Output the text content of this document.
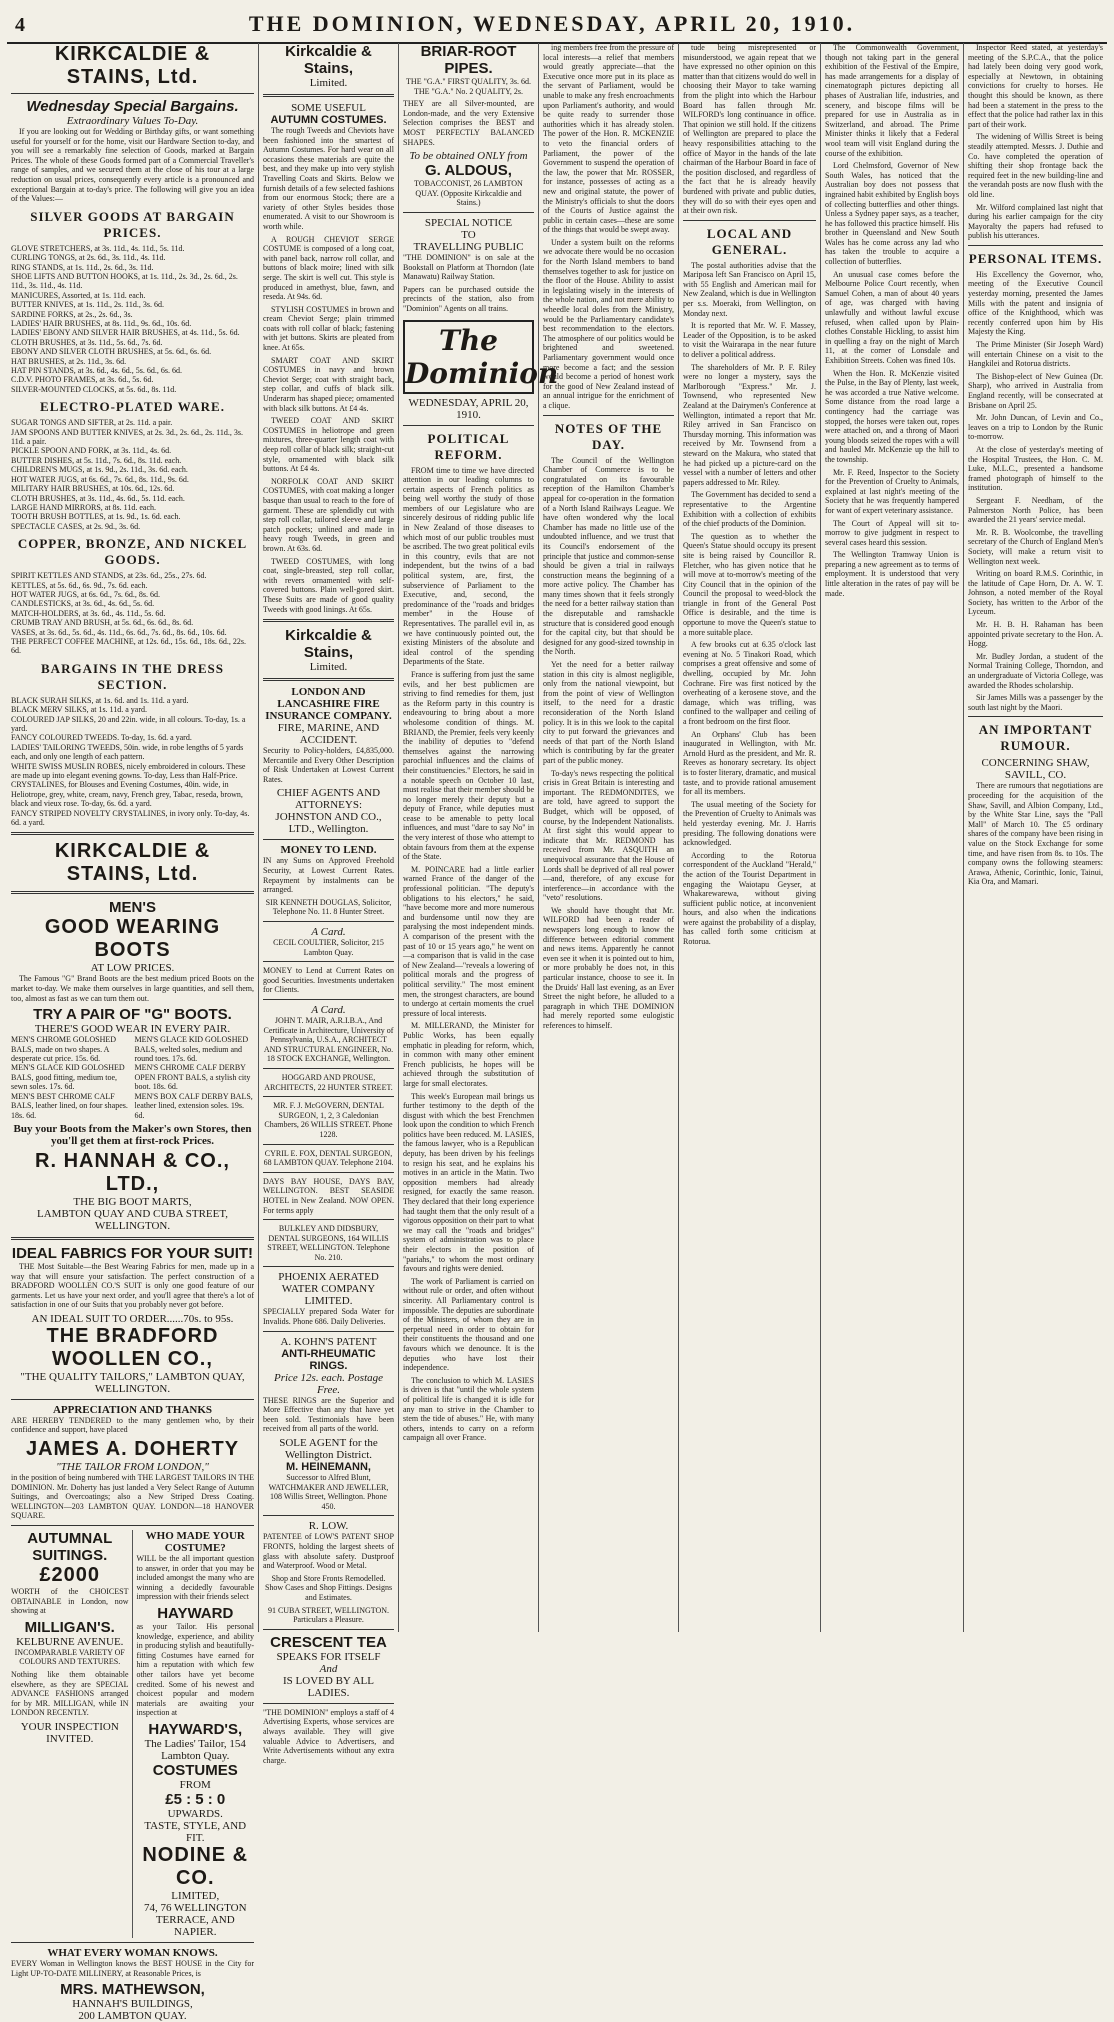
4	THE DOMINION, WEDNESDAY, APRIL 20, 1910.
KIRKCALDIE & STAINS, Ltd.
Wednesday Special Bargains.
Extraordinary Values To-Day.

If you are looking out for Wedding or Birthday gifts, or want something useful for yourself or for the home, visit our Hardware Section to-day, and you will see a remarkably fine selection of Goods, marked at Bargain Prices. The whole of these Goods formed part of a Commercial Traveller's range of samples, and we secured them at the close of his tour at a large reduction on usual prices, consequently every article is a pronounced and exceptional Bargain at to-day's price. The following will give you an idea of the Values:—

SILVER GOODS AT BARGAIN PRICES.
GLOVE STRETCHERS, at 3s. 11d., 4s. 11d., 5s. 11d.
CURLING TONGS, at 2s. 6d., 3s. 11d., 4s. 11d.
RING STANDS, at 1s. 11d., 2s. 6d., 3s. 11d.
SHOE LIFTS AND BUTTON HOOKS, at 1s. 11d., 2s. 3d., 2s. 6d., 2s. 11d., 3s. 11d., 4s. 11d.
MANICURES, Assorted, at 1s. 11d. each.
BUTTER KNIVES, at 1s. 11d., 2s. 11d., 3s. 6d.
SARDINE FORKS, at 2s., 2s. 6d., 3s.
LADIES' HAIR BRUSHES, at 8s. 11d., 9s. 6d., 10s. 6d.
LADIES' EBONY AND SILVER HAIR BRUSHES, at 4s. 11d., 5s. 6d.
CLOTH BRUSHES, at 3s. 11d., 5s. 6d., 7s. 6d.
EBONY AND SILVER CLOTH BRUSHES, at 5s. 6d., 6s. 6d.
HAT BRUSHES, at 2s. 11d., 3s. 6d.
HAT PIN STANDS, at 3s. 6d., 4s. 6d., 5s. 6d., 6s. 6d.
C.D.V. PHOTO FRAMES, at 3s. 6d., 5s. 6d.
SILVER-MOUNTED CLOCKS, at 5s. 6d., 8s. 11d.
ELECTRO-PLATED WARE.
SUGAR TONGS AND SIFTER, at 2s. 11d. a pair.
JAM SPOONS AND BUTTER KNIVES, at 2s. 3d., 2s. 6d., 2s. 11d., 3s. 11d. a pair.
PICKLE SPOON AND FORK, at 3s. 11d., 4s. 6d.
BUTTER DISHES, at 5s. 11d., 7s. 6d., 8s. 11d. each.
CHILDREN'S MUGS, at 1s. 9d., 2s. 11d., 3s. 6d. each.
HOT WATER JUGS, at 6s. 6d., 7s. 6d., 8s. 11d., 9s. 6d.
MILITARY HAIR BRUSHES, at 10s. 6d., 12s. 6d.
CLOTH BRUSHES, at 3s. 11d., 4s. 6d., 5s. 11d. each.
LARGE HAND MIRRORS, at 8s. 11d. each.
TOOTH BRUSH BOTTLES, at 1s. 9d., 1s. 6d. each.
SPECTACLE CASES, at 2s. 9d., 3s. 6d.
COPPER, BRONZE, AND NICKEL GOODS.
SPIRIT KETTLES AND STANDS, at 23s. 6d., 25s., 27s. 6d.
KETTLES, at 5s. 6d., 6s. 9d., 7s. 6d. each.
HOT WATER JUGS, at 6s. 6d., 7s. 6d., 8s. 6d.
CANDLESTICKS, at 3s. 6d., 4s. 6d., 5s. 6d.
MATCH-HOLDERS, at 3s. 6d., 4s. 11d., 5s. 6d.
CRUMB TRAY AND BRUSH, at 5s. 6d., 6s. 6d., 8s. 6d.
VASES, at 3s. 6d., 5s. 6d., 4s. 11d., 6s. 6d., 7s. 6d., 8s. 6d., 10s. 6d.
THE PERFECT COFFEE MACHINE, at 12s. 6d., 15s. 6d., 18s. 6d., 22s. 6d.
BARGAINS IN THE DRESS SECTION.
BLACK SURAH SILKS, at 1s. 6d. and 1s. 11d. a yard.
BLACK MERV SILKS, at 1s. 11d. a yard.
COLOURED JAP SILKS, 20 and 22in. wide, in all colours. To-day, 1s. a yard.
FANCY COLOURED TWEEDS. To-day, 1s. 6d. a yard.
LADIES' TAILORING TWEEDS, 50in. wide, in robe lengths of 5 yards each, and only one length of each pattern.
WHITE SWISS MUSLIN ROBES, nicely embroidered in colours. These are made up into elegant evening gowns. To-day, Less than Half-Price.
CRYSTALINES, for Blouses and Evening Costumes, 40in. wide, in Heliotrope, grey, white, cream, navy, French grey, Tabac, reseda, brown, black and vieux rose. To-day, 6s. 6d. a yard.
FANCY STRIPED NOVELTY CRYSTALINES, in ivory only. To-day, 4s. 6d. a yard.
KIRKCALDIE & STAINS, Ltd.
MEN'S
GOOD WEARING BOOTS
AT LOW PRICES.

The Famous "G" Brand Boots are the best medium priced Boots on the market to-day. We make them ourselves in large quantities, and sell them, too, almost as fast as we can turn them out.

TRY A PAIR OF "G" BOOTS.
THERE'S GOOD WEAR IN EVERY PAIR.
MEN'S CHROME GOLOSHED BALS, made on two shapes. A desperate cut price. 15s. 6d.
MEN'S GLACE KID GOLOSHED BALS, good fitting, medium toe, sewn soles. 17s. 6d.
MEN'S BEST CHROME CALF BALS, leather lined, on four shapes. 18s. 6d.
MEN'S GLACE KID GOLOSHED BALS, welted soles, medium and round toes. 17s. 6d.
MEN'S CHROME CALF DERBY OPEN FRONT BALS, a stylish city boot. 18s. 6d.
MEN'S BOX CALF DERBY BALS, leather lined, extension soles. 19s. 6d.
Buy your Boots from the Maker's own Stores, then you'll get them at first-rock Prices.
R. HANNAH & CO., LTD.,
THE BIG BOOT MARTS,
LAMBTON QUAY AND CUBA STREET, WELLINGTON.
IDEAL FABRICS FOR YOUR SUIT!

THE Most Suitable—the Best Wearing Fabrics for men, made up in a way that will ensure your satisfaction. The perfect construction of a BRADFORD WOOLLEN CO.'S SUIT is only one good feature of our garments. Let us have your next order, and you'll agree that there's a lot of satisfaction in one of our Suits that you probably never got before.

AN IDEAL SUIT TO ORDER......70s. to 95s.
THE BRADFORD WOOLLEN CO.,
"THE QUALITY TAILORS," LAMBTON QUAY, WELLINGTON.
APPRECIATION AND THANKS

ARE HEREBY TENDERED to the many gentlemen who, by their confidence and support, have placed

JAMES A. DOHERTY
"THE TAILOR FROM LONDON,"

in the position of being numbered with THE LARGEST TAILORS IN THE DOMINION. Mr. Doherty has just landed a Very Select Range of Autumn Suitings, and Overcoatings; also a New Striped Dress Coating. WELLINGTON—203 LAMBTON QUAY. LONDON—18 HANOVER SQUARE.

AUTUMNAL
SUITINGS.
£2000

WORTH of the CHOICEST OBTAINABLE in London, now showing at

MILLIGAN'S.
KELBURNE AVENUE.

INCOMPARABLE VARIETY OF COLOURS AND TEXTURES.

Nothing like them obtainable elsewhere, as they are SPECIAL ADVANCE FASHIONS arranged for by MR. MILLIGAN, while IN LONDON RECENTLY.

YOUR INSPECTION INVITED.
WHO MADE YOUR COSTUME?

WILL be the all important question to answer, in order that you may be included amongst the many who are winning a decidedly favourable impression with their friends select

HAYWARD

as your Tailor. His personal knowledge, experience, and ability in producing stylish and beautifully-fitting Costumes have earned for him a reputation with which few other tailors have yet become credited. Some of his newest and choicest popular and modern materials are awaiting your inspection at

HAYWARD'S,
The Ladies' Tailor, 154 Lambton Quay.
COSTUMES
FROM
£5 : 5 : 0
UPWARDS.
TASTE, STYLE, AND FIT.
NODINE & CO.
LIMITED,
74, 76 WELLINGTON TERRACE, AND NAPIER.
WHAT EVERY WOMAN KNOWS.

EVERY Woman in Wellington knows the BEST HOUSE in the City for Light UP-TO-DATE MILLINERY, at Reasonable Prices, is

MRS. MATHEWSON,
HANNAH'S BUILDINGS,
200 LAMBTON QUAY.
Kirkcaldie & Stains,
Limited.
SOME USEFUL
AUTUMN COSTUMES.

The rough Tweeds and Cheviots have been fashioned into the smartest of Autumn Costumes. For hard wear on all occasions these materials are quite the best, and they make up into very stylish Travelling Coats and Skirts. Below we furnish details of a few selected fashions from our enormous Stock; there are a variety of other Styles besides those enumerated. A visit to our Showroom is worth while.

A ROUGH CHEVIOT SERGE COSTUME is composed of a long coat, with panel back, narrow roll collar, and buttons of black moire; lined with silk serge. The skirt is well cut. This style is produced in amethyst, blue, fawn, and reseda. At 94s. 6d.

STYLISH COSTUMES in brown and cream Cheviot Serge; plain trimmed coats with roll collar of black; fastening with jet buttons. Skirts are pleated from knee. At 65s.

SMART COAT AND SKIRT COSTUMES in navy and brown Cheviot Serge; coat with straight back, step collar, and cuffs of black silk. Underarm has shaped piece; ornamented with black silk buttons. At £4 4s.

TWEED COAT AND SKIRT COSTUMES in heliotrope and green mixtures, three-quarter length coat with deep roll collar of black silk; straight-cut style, ornamented with black silk buttons. At £4 4s.

NORFOLK COAT AND SKIRT COSTUMES, with coat making a longer basque than usual to reach to the fore of garment. These are splendidly cut with step roll collar, tailored sleeve and large patch pockets; unlined and made in heavy rough Tweeds, in green and brown. At 63s. 6d.

TWEED COSTUMES, with long coat, single-breasted, step roll collar, with revers ornamented with self-covered buttons. Plain well-gored skirt. These Suits are made of good quality Tweeds with good linings. At 65s.

Kirkcaldie & Stains,
Limited.
LONDON AND LANCASHIRE FIRE INSURANCE COMPANY.
FIRE, MARINE, AND ACCIDENT.

Security to Policy-holders, £4,835,000. Mercantile and Every Other Description of Risk Undertaken at Lowest Current Rates.

CHIEF AGENTS AND ATTORNEYS:
JOHNSTON AND CO., LTD., Wellington.
MONEY TO LEND.

IN any Sums on Approved Freehold Security, at Lowest Current Rates. Repayment by instalments can be arranged.

SIR KENNETH DOUGLAS, Solicitor, Telephone No. 11. 8 Hunter Street.

A Card.

CECIL COULTIER, Solicitor, 215 Lambton Quay.

MONEY to Lend at Current Rates on good Securities. Investments undertaken for Clients.

A Card.

JOHN T. MAIR, A.R.I.B.A., And Certificate in Architecture, University of Pennsylvania, U.S.A., ARCHITECT AND STRUCTURAL ENGINEER, No. 18 STOCK EXCHANGE, Wellington.

HOGGARD AND PROUSE, ARCHITECTS, 22 HUNTER STREET.

MR. F. J. McGOVERN, DENTAL SURGEON, 1, 2, 3 Caledonian Chambers, 26 WILLIS STREET. Phone 1228.

CYRIL E. FOX, DENTAL SURGEON, 68 LAMBTON QUAY. Telephone 2104.

DAYS BAY HOUSE, DAYS BAY, WELLINGTON. BEST SEASIDE HOTEL in New Zealand. NOW OPEN. For terms apply

BULKLEY AND DIDSBURY, DENTAL SURGEONS, 164 WILLIS STREET, WELLINGTON. Telephone No. 210.

PHOENIX AERATED WATER COMPANY LIMITED.

SPECIALLY prepared Soda Water for Invalids. Phone 686. Daily Deliveries.

A. KOHN'S PATENT
ANTI-RHEUMATIC RINGS.
Price 12s. each. Postage Free.

THESE RINGS are the Superior and More Effective than any that have yet been sold. Testimonials have been received from all parts of the world.

SOLE AGENT for the Wellington District.
M. HEINEMANN,

Successor to Alfred Blunt, WATCHMAKER AND JEWELLER, 108 Willis Street, Wellington. Phone 450.

R. LOW.

PATENTEE of LOW'S PATENT SHOP FRONTS, holding the largest sheets of glass with absolute safety. Dustproof and Waterproof. Wood or Metal.

Shop and Store Fronts Remodelled. Show Cases and Shop Fittings. Designs and Estimates.

91 CUBA STREET, WELLINGTON. Particulars a Pleasure.

CRESCENT TEA
SPEAKS FOR ITSELF
And
IS LOVED BY ALL LADIES.

"THE DOMINION" employs a staff of 4 Advertising Experts, whose services are always available. They will give valuable Advice to Advertisers, and Write Advertisements without any extra charge.

BRIAR-ROOT PIPES.

THE "G.A." FIRST QUALITY, 3s. 6d. THE "G.A." No. 2 QUALITY, 2s.

THEY are all Silver-mounted, are London-made, and the very Extensive Selection comprises the BEST and MOST PERFECTLY BALANCED SHAPES.

To be obtained ONLY from
G. ALDOUS,

TOBACCONIST, 26 LAMBTON QUAY. (Opposite Kirkcaldie and Stains.)

SPECIAL NOTICE
TO
TRAVELLING PUBLIC

"THE DOMINION" is on sale at the Bookstall on Platform at Thorndon (late Manawatu) Railway Station.

Papers can be purchased outside the precincts of the station, also from "Dominion" Agents on all trains.

The Dominion
WEDNESDAY, APRIL 20, 1910.
POLITICAL REFORM.

FROM time to time we have directed attention in our leading columns to certain aspects of French politics as being well worthy the study of those members of our Legislature who are sincerely desirous of ridding public life in New Zealand of those diseases to which most of our public troubles must be ascribed. The two great political evils in this country, evils that are not independent, but the twins of a bad political system, are, first, the subservience of Parliament to the Executive, and, second, the predominance of the "roads and bridges member" in the House of Representatives. The parallel evil in, as we have continuously pointed out, the existing Ministers of the absolute and ideal control of the spending Departments of the State.

France is suffering from just the same evils, and her best publicmen are striving to find remedies for them, just as the Reform party in this country is endeavouring to bring about a more wholesome condition of things. M. BRIAND, the Premier, feels very keenly the inability of deputies to "defend themselves against the narrowing parochial influences and the claims of their constituencies." Electors, he said in a notable speech on October 10 last, must realise that their member should be no longer merely their deputy but a deputy of France, while deputies must cease to be amenable to petty local influences, and must "dare to say No" in the very interest of those who attempt to obtain favours from them at the expense of the State.

M. POINCARE had a little earlier warned France of the danger of the professional politician. "The deputy's obligations to his electors," he said, "have become more and more numerous and burdensome until now they are paralysing the most independent minds. A comparison of the present with the past of 10 or 15 years ago," he went on—a comparison that is valid in the case of New Zealand—"reveals a lowering of political morals and the progress of political servility." The most eminent men, the strongest characters, are bound to undergo at certain moments the cruel pressure of local interests.

M. MILLERAND, the Minister for Public Works, has been equally emphatic in pleading for reform, which, in common with many other eminent French publicists, he hopes will be achieved through the substitution of large for small electorates.

This week's European mail brings us further testimony to the depth of the disgust with which the best Frenchmen look upon the condition to which French politics have been reduced. M. LASIES, the famous lawyer, who is a Republican deputy, has been driven by his feelings to resign his seat, and he explains his motives in an article in the Matin. Two opposition members had already resigned, for exactly the same reason. They declared that their long experience had taught them that the only result of a vigorous opposition on their part to what we may call the "roads and bridges" system of administration was to place their electors in the position of "pariahs," to whom the most ordinary favours and rights were denied.

The work of Parliament is carried on without rule or order, and often without sincerity. All Parliamentary control is impossible. The deputies are subordinate of the Ministers, of whom they are in perpetual need in order to obtain for their constituents the thousand and one favours which we denounce. It is the deputies who have lost their independence.

The conclusion to which M. LASIES is driven is that "until the whole system of political life is changed it is idle for any man to strive in the Chamber to stem the tide of abuses." He, with many others, intends to carry on a reform campaign all over France.

ing members free from the pressure of local interests—a relief that members would greatly appreciate—that the Executive once more put in its place as the servant of Parliament, would be unable to make any fresh encroachments upon Parliament's authority, and would be quite ready to surrender those authorities which it has already stolen. The power of the Hon. R. MCKENZIE to veto the financial orders of Parliament, the power of the Government to suspend the operation of the law, the power that Mr. ROSSER, for instance, possesses of acting as a new and original statute, the power of the Ministry's officials to shut the doors of the Courts of Justice against the public in certain cases—these are some of the things that would be swept away.

Under a system built on the reforms we advocate there would be no occasion for the North Island members to band themselves together to ask for justice on the floor of the House. Ability to assist in legislating wisely in the interests of the whole nation, and not mere ability to wheedle local doles from the Ministry, would be the Parliamentary candidate's best recommendation to the electors. The atmosphere of our politics would be brightened and sweetened. Parliamentary government would once more become a fact; and the session would become a period of honest work for the good of New Zealand instead of an annual intrigue for the enrichment of a clique.

NOTES OF THE DAY.

The Council of the Wellington Chamber of Commerce is to be congratulated on its favourable reception of the Hamilton Chamber's appeal for co-operation in the formation of a North Island Railways League. We have often wondered why the local Chamber has made no little use of the undoubted influence, and we trust that its Council's endorsement of the principle that justice and common-sense should be given a trial in railways construction means the beginning of a more active policy. The Chamber has many times shown that it feels strongly the need for a better railway station than the disreputable and ramshackle structure that is considered good enough for the capital city, but that should be designed for any good-sized township in the North.

Yet the need for a better railway station in this city is almost negligible, only from the national viewpoint, but from the point of view of Wellington itself, to the need for a drastic reconsideration of the North Island policy. It is in this we look to the capital city to put forward the grievances and needs of that part of the North Island which is contributing by far the greater part of the public money.

To-day's news respecting the political crisis in Great Britain is interesting and important. The REDMONDITES, we are told, have agreed to support the Budget, which will be opposed, of course, by the Independent Nationalists. At first sight this would appear to indicate that Mr. REDMOND has received from Mr. ASQUITH an unequivocal assurance that the House of Lords shall be deprived of all real power—and, therefore, of any excuse for interference—in accordance with the "veto" resolutions.

We should have thought that Mr. WILFORD had been a reader of newspapers long enough to know the difference between editorial comment and news items. Apparently he cannot even see it when it is pointed out to him, or more probably he does not, in this particular instance, choose to see it. In the Druids' Hall last evening, as an Ever Street the night before, he alluded to a paragraph in which THE DOMINION had merely reported some eulogistic references to himself.

tude being misrepresented or misunderstood, we again repeat that we have expressed no other opinion on this matter than that citizens would do well in choosing their Mayor to take warning from the plight into which the Harbour Board has fallen through Mr. WILFORD's long continuance in office. That opinion we still hold. If the citizens of Wellington are prepared to place the heavy responsibilities attaching to the office of Mayor in the hands of the late chairman of the Harbour Board in face of the position disclosed, and regardless of the fact that he is already heavily burdened with private and public duties, they will do so with their eyes open and at their own risk.

LOCAL AND GENERAL.

The postal authorities advise that the Mariposa left San Francisco on April 15, with 55 English and American mail for New Zealand, which is due in Wellington per s.s. Moeraki, from Wellington, on Monday next.

It is reported that Mr. W. F. Massey, Leader of the Opposition, is to be asked to visit the Wairarapa in the near future to deliver a political address.

The shareholders of Mr. P. F. Riley were no longer a mystery, says the Marlborough "Express." Mr. J. Townsend, who represented New Zealand at the Dairymen's Conference at Wellington, intimated a report that Mr. Riley arrived in San Francisco on Thursday morning. This information was received by Mr. Townsend from a steward on the Makura, who stated that he had picked up a picture-card on the vessel with a number of letters and other papers addressed to Mr. Riley.

The Government has decided to send a representative to the Argentine Exhibition with a collection of exhibits of the chief products of the Dominion.

The question as to whether the Queen's Statue should occupy its present site is being raised by Councillor R. Fletcher, who has given notice that he will move at to-morrow's meeting of the City Council that in the opinion of the Council the proposal to weed-block the triangle in front of the General Post Office is desirable, and the time is opportune to move the Queen's statue to a more suitable place.

A few brooks cut at 6.35 o'clock last evening at No. 5 Tinakori Road, which comprises a great offensive and some of dwelling, occupied by Mr. John Cochrane. Fire was first noticed by the overheating of a kerosene stove, and the damage, which was trifling, was confined to the wallpaper and ceiling of a front bedroom on the first floor.

An Orphans' Club has been inaugurated in Wellington, with Mr. Arnold Hurd as the president, and Mr. R. Reeves as honorary secretary. Its object is to foster literary, dramatic, and musical taste, and to provide rational amusement for all its members.

The usual meeting of the Society for the Prevention of Cruelty to Animals was held yesterday evening. Mr. J. Harris presiding. The following donations were acknowledged.

According to the Rotorua correspondent of the Auckland "Herald," the action of the Tourist Department in engaging the Waiotapu Geyser, at Whakarewarewa, without giving sufficient public notice, at inconvenient hours, and also when the indications were against the probability of a display, has called forth some criticism at Rotorua.

The Commonwealth Government, though not taking part in the general exhibition of the Festival of the Empire, has made arrangements for a display of cinematograph pictures depicting all phases of Australian life, industries, and scenery, and biscope films will be prepared for use in Australia as in Switzerland, and abroad. The Prime Minister thinks it likely that a Federal wool team will visit England during the course of the exhibition.

Lord Chelmsford, Governor of New South Wales, has noticed that the Australian boy does not possess that ingrained habit exhibited by English boys of collecting butterflies and other things. Unless a Sydney paper says, as a teacher, he has followed this practice himself. His brother in Queensland and New South Wales has he come across any lad who has taken the trouble to acquire a collection of butterflies.

An unusual case comes before the Melbourne Police Court recently, when Samuel Cohen, a man of about 40 years of age, was charged with having unlawfully and without lawful excuse refused, when called upon by Plain-clothes Constable Hickling, to assist him in quelling a fray on the night of March 11, at the corner of Lonsdale and Exhibition Streets. Cohen was fined 10s.

When the Hon. R. McKenzie visited the Pulse, in the Bay of Plenty, last week, he was accorded a true Native welcome. Some distance from the road large a contingency had the carriage was stopped, the horses were taken out, ropes were attached on, and a throng of Maori young bloods seized the ropes with a will and hauled Mr. McKenzie up the hill to the township.

Mr. F. Reed, Inspector to the Society for the Prevention of Cruelty to Animals, explained at last night's meeting of the Society that he was frequently hampered for want of expert veterinary assistance.

The Court of Appeal will sit to-morrow to give judgment in respect to several cases heard this session.

The Wellington Tramway Union is preparing a new agreement as to terms of employment. It is understood that very little alteration in the rates of pay will be made.

Inspector Reed stated, at yesterday's meeting of the S.P.C.A., that the police had lately been doing very good work, especially at Newtown, in obtaining convictions for cruelty to horses. He thought this should be known, as there had been a statement in the press to the effect that the police had rather lax in this part of their work.

The widening of Willis Street is being steadily attempted. Messrs. J. Duthie and Co. have completed the operation of shifting their shop frontage back the required feet in the new building-line and the verandah posts are now flush with the old line.

Mr. Wilford complained last night that during his earlier campaign for the city Mayoralty the papers had refused to publish his utterances.

PERSONAL ITEMS.

His Excellency the Governor, who, meeting of the Executive Council yesterday morning, presented the James Mills with the patent and insignia of office of the Knighthood, which was recently conferred upon him by His Majesty the King.

The Prime Minister (Sir Joseph Ward) will entertain Chinese on a visit to the Hangkilei and Rotorua districts.

The Bishop-elect of New Guinea (Dr. Sharp), who arrived in Australia from England recently, will be consecrated at Brisbane on April 25.

Mr. John Duncan, of Levin and Co., leaves on a trip to London by the Runic to-morrow.

At the close of yesterday's meeting of the Hospital Trustees, the Hon. C. M. Luke, M.L.C., presented a handsome framed photograph of himself to the institution.

Sergeant F. Needham, of the Palmerston North Police, has been awarded the 21 years' service medal.

Mr. R. B. Woolcombe, the travelling secretary of the Church of England Men's Society, will make a return visit to Wellington next week.

Writing on board R.M.S. Corinthic, in the latitude of Cape Horn, Dr. A. W. T. Johnson, a noted member of the Royal Society, has written to the Arbor of the Lyceum.

Mr. H. B. H. Rahaman has been appointed private secretary to the Hon. A. Hogg.

Mr. Budley Jordan, a student of the Normal Training College, Thorndon, and an undergraduate of Victoria College, was awarded the Rhodes scholarship.

Sir James Mills was a passenger by the south last night by the Maori.

AN IMPORTANT RUMOUR.
CONCERNING SHAW, SAVILL, CO.

There are rumours that negotiations are proceeding for the acquisition of the Shaw, Savill, and Albion Company, Ltd., by the White Star Line, says the "Pall Mall" of March 10. The £5 ordinary shares of the company have been rising in value on the Stock Exchange for some time, and have risen from 8s. to 10s. The company owns the following steamers: Arawa, Athenic, Corinthic, Ionic, Tainui, Kia Ora, and Mamari.
